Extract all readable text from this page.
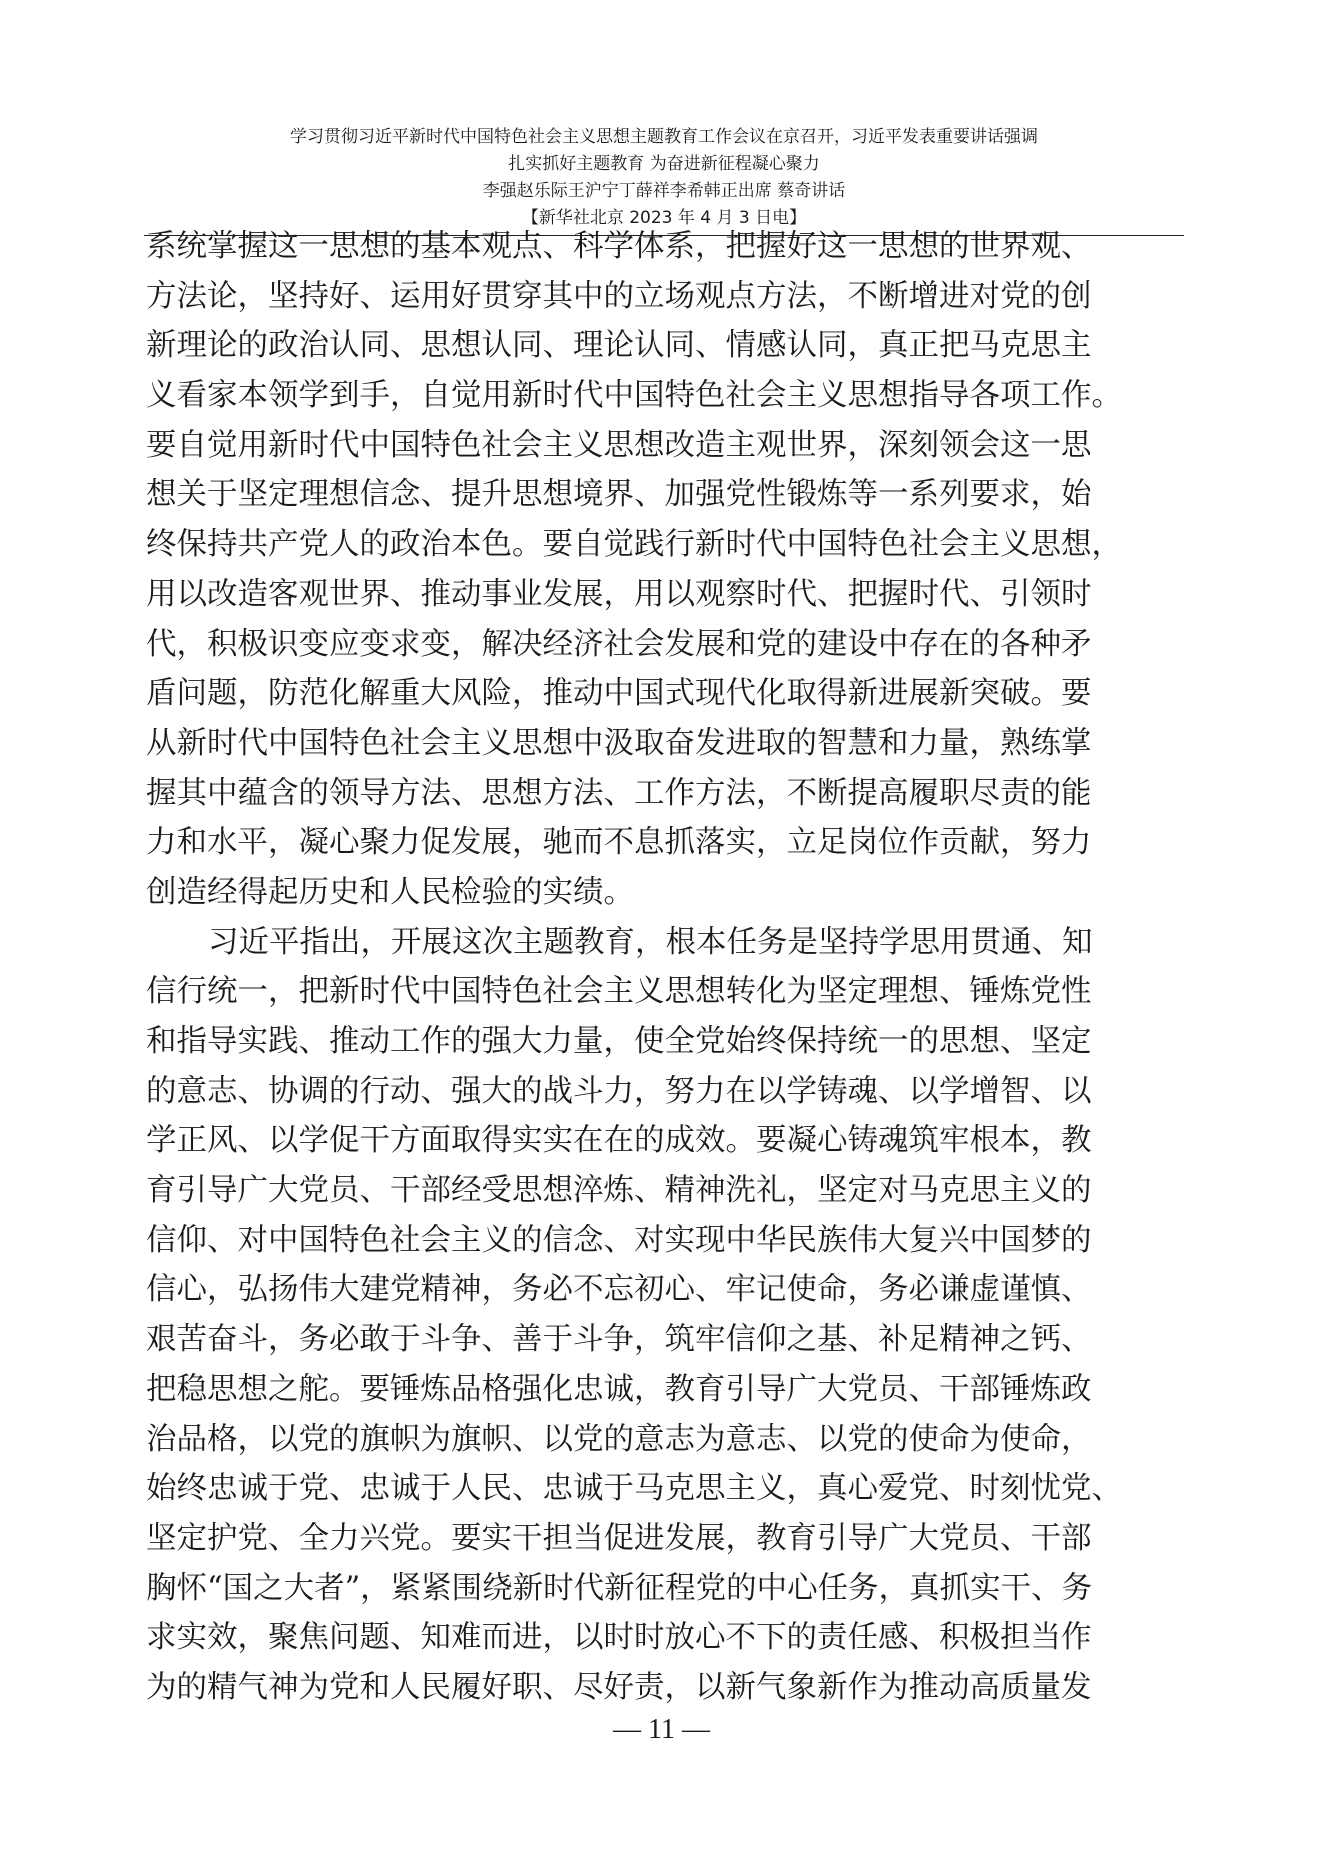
学习贯彻习近平新时代中国特色社会主义思想主题教育工作会议在京召开，习近平发表重要讲话强调
扎实抓好主题教育 为奋进新征程凝心聚力
李强赵乐际王沪宁丁薛祥李希韩正出席 蔡奇讲话
【新华社北京 2023 年 4 月 3 日电】
系统掌握这一思想的基本观点、科学体系，把握好这一思想的世界观、
方法论，坚持好、运用好贯穿其中的立场观点方法，不断增进对党的创
新理论的政治认同、思想认同、理论认同、情感认同，真正把马克思主
义看家本领学到手，自觉用新时代中国特色社会主义思想指导各项工作。
要自觉用新时代中国特色社会主义思想改造主观世界，深刻领会这一思
想关于坚定理想信念、提升思想境界、加强党性锻炼等一系列要求，始
终保持共产党人的政治本色。要自觉践行新时代中国特色社会主义思想，
用以改造客观世界、推动事业发展，用以观察时代、把握时代、引领时
代，积极识变应变求变，解决经济社会发展和党的建设中存在的各种矛
盾问题，防范化解重大风险，推动中国式现代化取得新进展新突破。要
从新时代中国特色社会主义思想中汲取奋发进取的智慧和力量，熟练掌
握其中蕴含的领导方法、思想方法、工作方法，不断提高履职尽责的能
力和水平，凝心聚力促发展，驰而不息抓落实，立足岗位作贡献，努力
创造经得起历史和人民检验的实绩。
习近平指出，开展这次主题教育，根本任务是坚持学思用贯通、知
信行统一，把新时代中国特色社会主义思想转化为坚定理想、锤炼党性
和指导实践、推动工作的强大力量，使全党始终保持统一的思想、坚定
的意志、协调的行动、强大的战斗力，努力在以学铸魂、以学增智、以
学正风、以学促干方面取得实实在在的成效。要凝心铸魂筑牢根本，教
育引导广大党员、干部经受思想淬炼、精神洗礼，坚定对马克思主义的
信仰、对中国特色社会主义的信念、对实现中华民族伟大复兴中国梦的
信心，弘扬伟大建党精神，务必不忘初心、牢记使命，务必谦虚谨慎、
艰苦奋斗，务必敢于斗争、善于斗争，筑牢信仰之基、补足精神之钙、
把稳思想之舵。要锤炼品格强化忠诚，教育引导广大党员、干部锤炼政
治品格，以党的旗帜为旗帜、以党的意志为意志、以党的使命为使命，
始终忠诚于党、忠诚于人民、忠诚于马克思主义，真心爱党、时刻忧党、
坚定护党、全力兴党。要实干担当促进发展，教育引导广大党员、干部
胸怀“国之大者”，紧紧围绕新时代新征程党的中心任务，真抓实干、务
求实效，聚焦问题、知难而进，以时时放心不下的责任感、积极担当作
为的精气神为党和人民履好职、尽好责，以新气象新作为推动高质量发
— 11 —
